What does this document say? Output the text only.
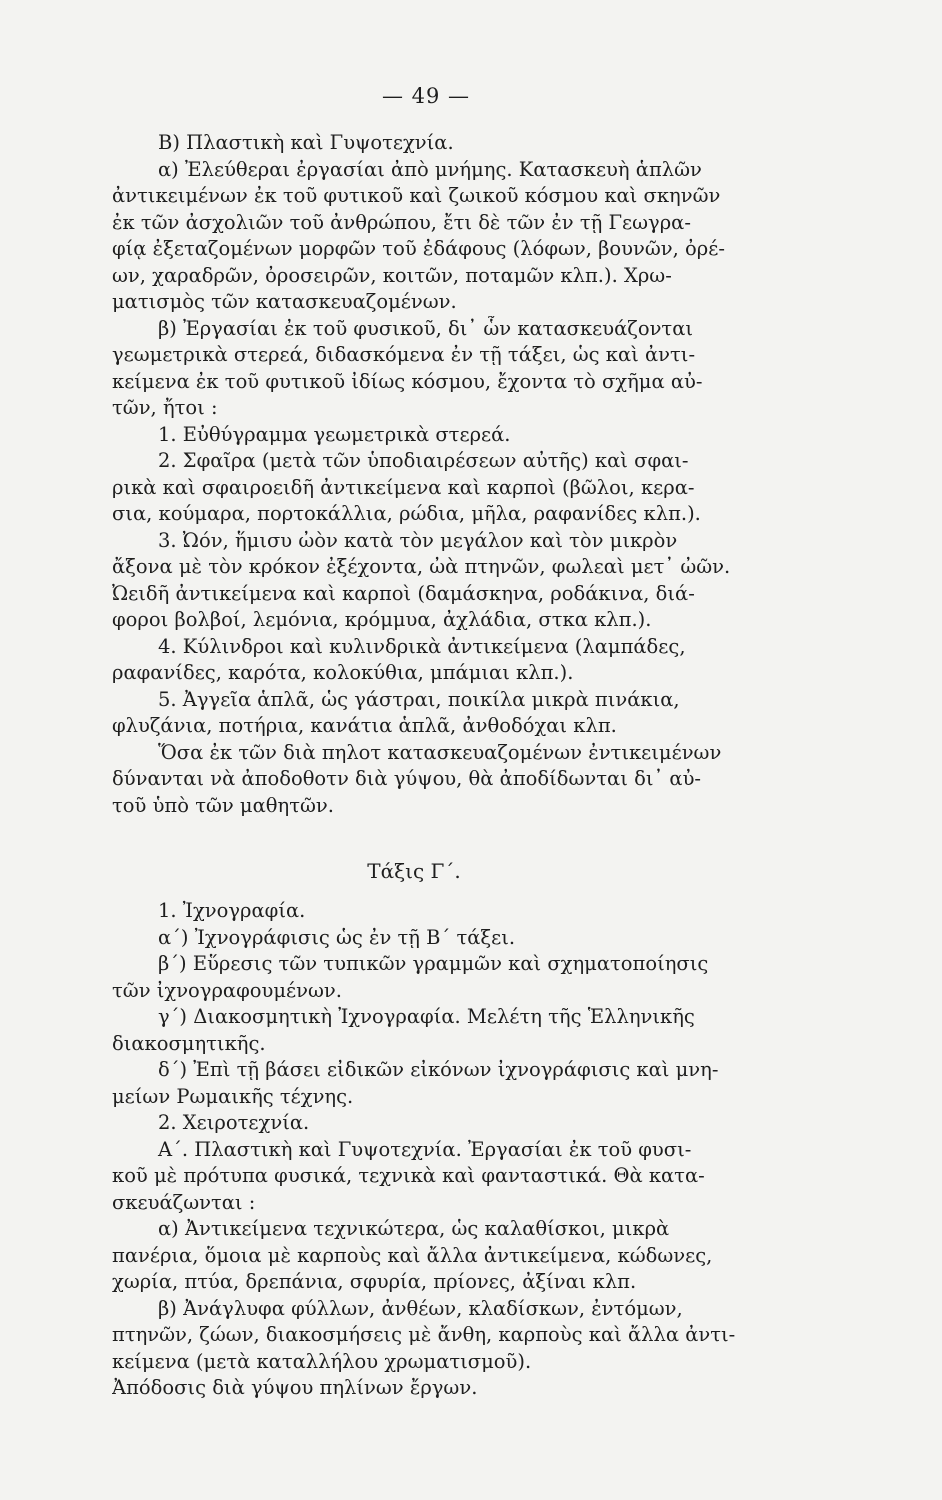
— 49 —
Β) Πλαστικὴ καὶ Γυψοτεχνία.
α) Ἐλεύθεραι ἐργασίαι ἀπὸ μνήμης. Κατασκευὴ ἁπλῶν
ἀντικειμένων ἐκ τοῦ φυτικοῦ καὶ ζωικοῦ κόσμου καὶ σκηνῶν
ἐκ τῶν ἀσχολιῶν τοῦ ἀνθρώπου, ἔτι δὲ τῶν ἐν τῇ Γεωγρα-
φίᾳ ἐξεταζομένων μορφῶν τοῦ ἐδάφους (λόφων, βουνῶν, ὀρέ-
ων, χαραδρῶν, ὀροσειρῶν, κοιτῶν, ποταμῶν κλπ.). Χρω-
ματισμὸς τῶν κατασκευαζομένων.
β) Ἐργασίαι ἐκ τοῦ φυσικοῦ, δι᾽ ὧν κατασκευάζονται
γεωμετρικὰ στερεά, διδασκόμενα ἐν τῇ τάξει, ὡς καὶ ἀντι-
κείμενα ἐκ τοῦ φυτικοῦ ἰδίως κόσμου, ἔχοντα τὸ σχῆμα αὐ-
τῶν, ἤτοι :
1. Εὐθύγραμμα γεωμετρικὰ στερεά.
2. Σφαῖρα (μετὰ τῶν ὑποδιαιρέσεων αὐτῆς) καὶ σφαι-
ρικὰ καὶ σφαιροειδῆ ἀντικείμενα καὶ καρποὶ (βῶλοι, κερα-
σια, κούμαρα, πορτοκάλλια, ρώδια, μῆλα, ραφανίδες κλπ.).
3. Ὠόν, ἥμισυ ὠὸν κατὰ τὸν μεγάλον καὶ τὸν μικρὸν
ἄξονα μὲ τὸν κρόκον ἐξέχοντα, ὠὰ πτηνῶν, φωλεαὶ μετ᾽ ὠῶν.
Ὠειδῆ ἀντικείμενα καὶ καρποὶ (δαμάσκηνα, ροδάκινα, διά-
φοροι βολβοί, λεμόνια, κρόμμυα, ἀχλάδια, στκα κλπ.).
4. Κύλινδροι καὶ κυλινδρικὰ ἀντικείμενα (λαμπάδες,
ραφανίδες, καρότα, κολοκύθια, μπάμιαι κλπ.).
5. Ἀγγεῖα ἁπλᾶ, ὡς γάστραι, ποικίλα μικρὰ πινάκια,
φλυζάνια, ποτήρια, κανάτια ἁπλᾶ, ἀνθοδόχαι κλπ.
Ὅσα ἐκ τῶν διὰ πηλοτ κατασκευαζομένων ἐντικειμένων
δύνανται νὰ ἀποδοθοτν διὰ γύψου, θὰ ἀποδίδωνται δι᾽ αὐ-
τοῦ ὑπὸ τῶν μαθητῶν.
Τάξις Γ΄.
1. Ἰχνογραφία.
α΄) Ἰχνογράφισις ὡς ἐν τῇ Β΄ τάξει.
β΄) Εὕρεσις τῶν τυπικῶν γραμμῶν καὶ σχηματοποίησις
τῶν ἰχνογραφουμένων.
γ΄) Διακοσμητικὴ Ἰχνογραφία. Μελέτη τῆς Ἑλληνικῆς
διακοσμητικῆς.
δ΄) Ἐπὶ τῇ βάσει εἰδικῶν εἰκόνων ἰχνογράφισις καὶ μνη-
μείων Ρωμαικῆς τέχνης.
2. Χειροτεχνία.
Α΄. Πλαστικὴ καὶ Γυψοτεχνία. Ἐργασίαι ἐκ τοῦ φυσι-
κοῦ μὲ πρότυπα φυσικά, τεχνικὰ καὶ φανταστικά. Θὰ κατα-
σκευάζωνται :
α) Ἀντικείμενα τεχνικώτερα, ὡς καλαθίσκοι, μικρὰ
πανέρια, ὅμοια μὲ καρποὺς καὶ ἄλλα ἀντικείμενα, κώδωνες,
χωρία, πτύα, δρεπάνια, σφυρία, πρίονες, ἀξίναι κλπ.
β) Ἀνάγλυφα φύλλων, ἀνθέων, κλαδίσκων, ἐντόμων,
πτηνῶν, ζώων, διακοσμήσεις μὲ ἄνθη, καρποὺς καὶ ἄλλα ἀντι-
κείμενα (μετὰ καταλλήλου χρωματισμοῦ).
Ἀπόδοσις διὰ γύψου πηλίνων ἔργων.
